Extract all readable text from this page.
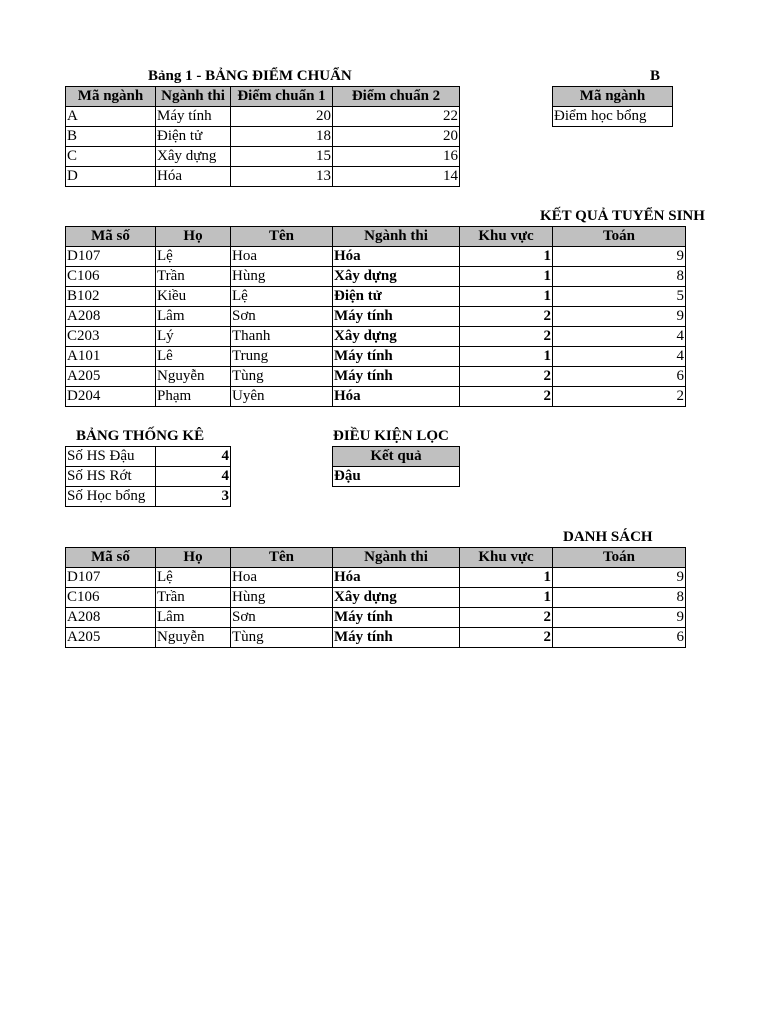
Bảng 1 - BẢNG ĐIỂM CHUẨN
Mã ngành	Ngành thi	Điểm chuẩn 1	Điểm chuẩn 2
A	Máy tính	20	22
B	Điện tử	18	20
C	Xây dựng	15	16
D	Hóa	13	14
B
Mã ngành
Điểm học bổng
KẾT QUẢ TUYỂN SINH
Mã số	Họ	Tên	Ngành thi	Khu vực	Toán
D107	Lệ	Hoa	Hóa	1	9
C106	Trần	Hùng	Xây dựng	1	8
B102	Kiều	Lệ	Điện tử	1	5
A208	Lâm	Sơn	Máy tính	2	9
C203	Lý	Thanh	Xây dựng	2	4
A101	Lê	Trung	Máy tính	1	4
A205	Nguyễn	Tùng	Máy tính	2	6
D204	Phạm	Uyên	Hóa	2	2
BẢNG THỐNG KÊ
Số HS Đậu	4
Số HS Rớt	4
Số Học bổng	3
ĐIỀU KIỆN LỌC
Kết quả
Đậu
DANH SÁCH
Mã số	Họ	Tên	Ngành thi	Khu vực	Toán
D107	Lệ	Hoa	Hóa	1	9
C106	Trần	Hùng	Xây dựng	1	8
A208	Lâm	Sơn	Máy tính	2	9
A205	Nguyễn	Tùng	Máy tính	2	6
